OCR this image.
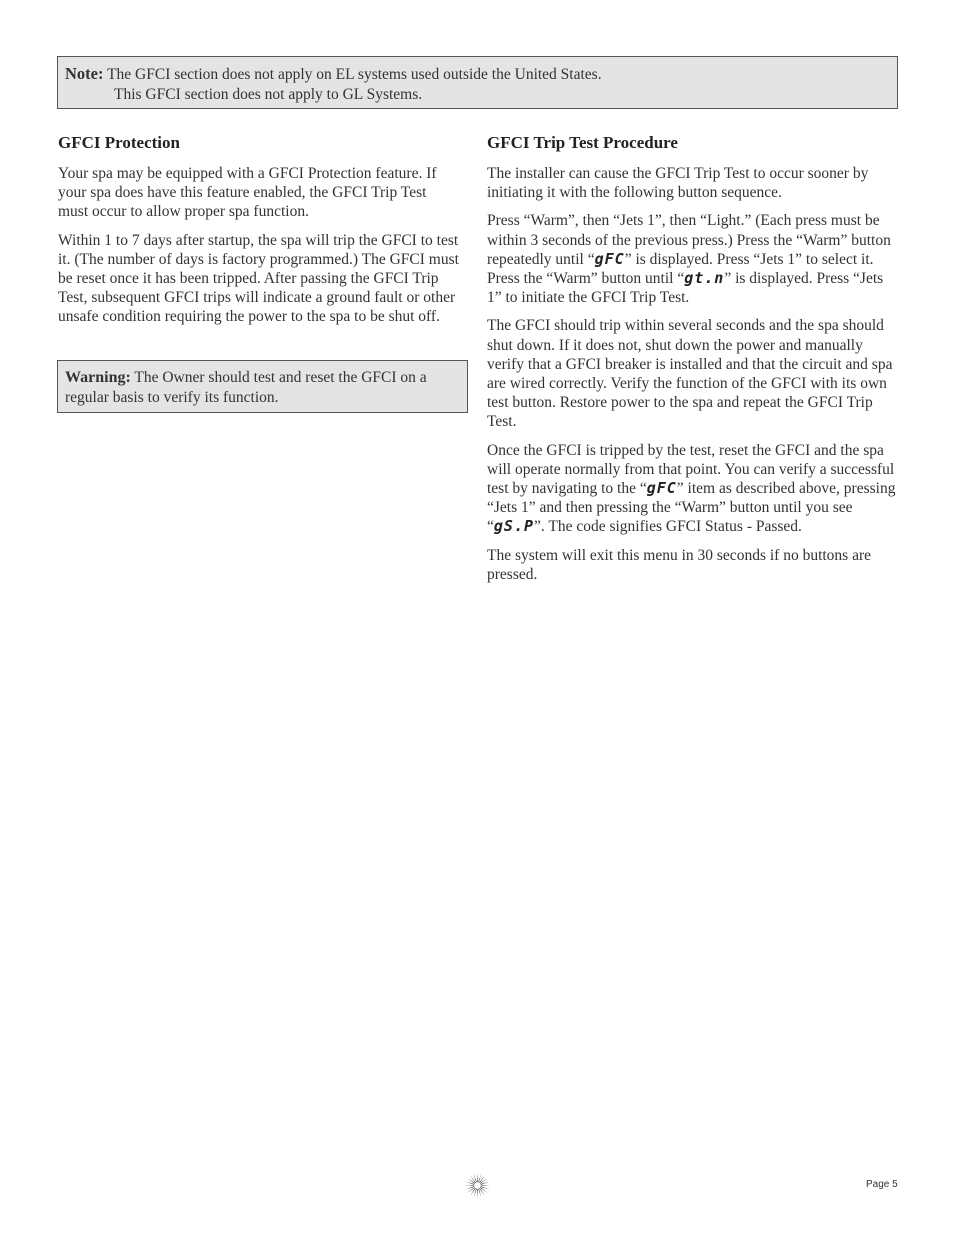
Note: The GFCI section does not apply on EL systems used outside the United States.
This GFCI section does not apply to GL Systems.
GFCI Protection

Your spa may be equipped with a GFCI Protection feature. If your spa does have this feature enabled, the GFCI Trip Test must occur to allow proper spa function.

Within 1 to 7 days after startup, the spa will trip the GFCI to test it. (The number of days is factory programmed.) The GFCI must be reset once it has been tripped. After passing the GFCI Trip Test, subsequent GFCI trips will indicate a ground fault or other unsafe condition requiring the power to the spa to be shut off.

Warning: The Owner should test and reset the GFCI on a regular basis to verify its function.
GFCI Trip Test Procedure

The installer can cause the GFCI Trip Test to occur sooner by initiating it with the following button sequence.

Press “Warm”, then “Jets 1”, then “Light.” (Each press must be within 3 seconds of the previous press.) Press the “Warm” button repeatedly until “gFC” is displayed. Press “Jets 1” to select it. Press the “Warm” button until “gt.n” is displayed. Press “Jets 1” to initiate the GFCI Trip Test.

The GFCI should trip within several seconds and the spa should shut down. If it does not, shut down the power and manually verify that a GFCI breaker is installed and that the circuit and spa are wired correctly. Verify the function of the GFCI with its own test button. Restore power to the spa and repeat the GFCI Trip Test.

Once the GFCI is tripped by the test, reset the GFCI and the spa will operate normally from that point. You can verify a successful test by navigating to the “gFC” item as described above, pressing “Jets 1” and then pressing the “Warm” button until you see “gS.P”. The code signifies GFCI Status - Passed.

The system will exit this menu in 30 seconds if no buttons are pressed.

Page 5
